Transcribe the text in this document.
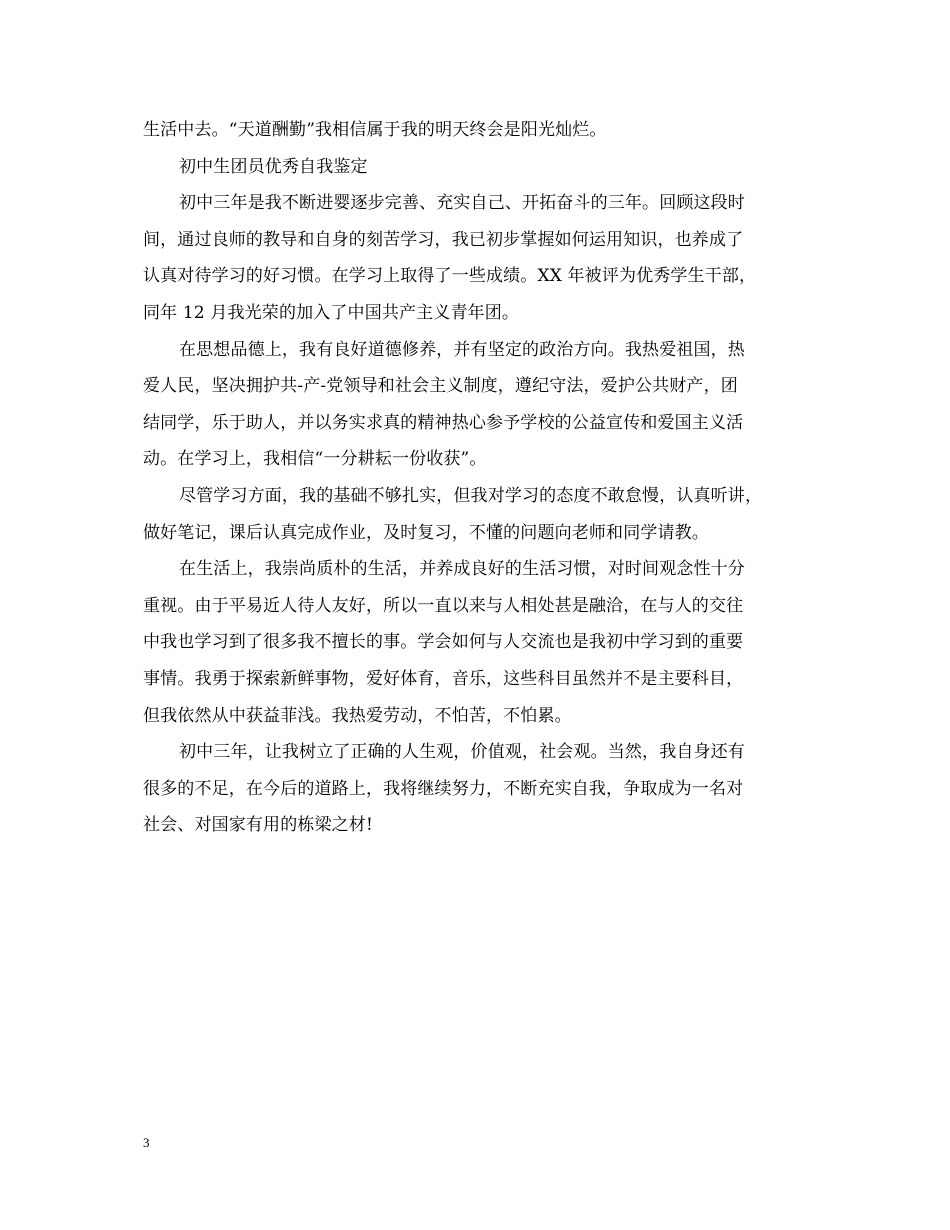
生活中去。“天道酬勤”我相信属于我的明天终会是阳光灿烂。
初中生团员优秀自我鉴定
初中三年是我不断进婴逐步完善、充实自己、开拓奋斗的三年。回顾这段时
间，通过良师的教导和自身的刻苦学习，我已初步掌握如何运用知识，也养成了
认真对待学习的好习惯。在学习上取得了一些成绩。XX 年被评为优秀学生干部，
同年 12 月我光荣的加入了中国共产主义青年团。
在思想品德上，我有良好道德修养，并有坚定的政治方向。我热爱祖国，热
爱人民，坚决拥护共-产-党领导和社会主义制度，遵纪守法，爱护公共财产，团
结同学，乐于助人，并以务实求真的精神热心参予学校的公益宣传和爱国主义活
动。在学习上，我相信“一分耕耘一份收获”。
尽管学习方面，我的基础不够扎实，但我对学习的态度不敢怠慢，认真听讲，
做好笔记，课后认真完成作业，及时复习，不懂的问题向老师和同学请教。
在生活上，我崇尚质朴的生活，并养成良好的生活习惯，对时间观念性十分
重视。由于平易近人待人友好，所以一直以来与人相处甚是融洽，在与人的交往
中我也学习到了很多我不擅长的事。学会如何与人交流也是我初中学习到的重要
事情。我勇于探索新鲜事物，爱好体育，音乐，这些科目虽然并不是主要科目，
但我依然从中获益菲浅。我热爱劳动，不怕苦，不怕累。
初中三年，让我树立了正确的人生观，价值观，社会观。当然，我自身还有
很多的不足，在今后的道路上，我将继续努力，不断充实自我，争取成为一名对
社会、对国家有用的栋梁之材!
3
